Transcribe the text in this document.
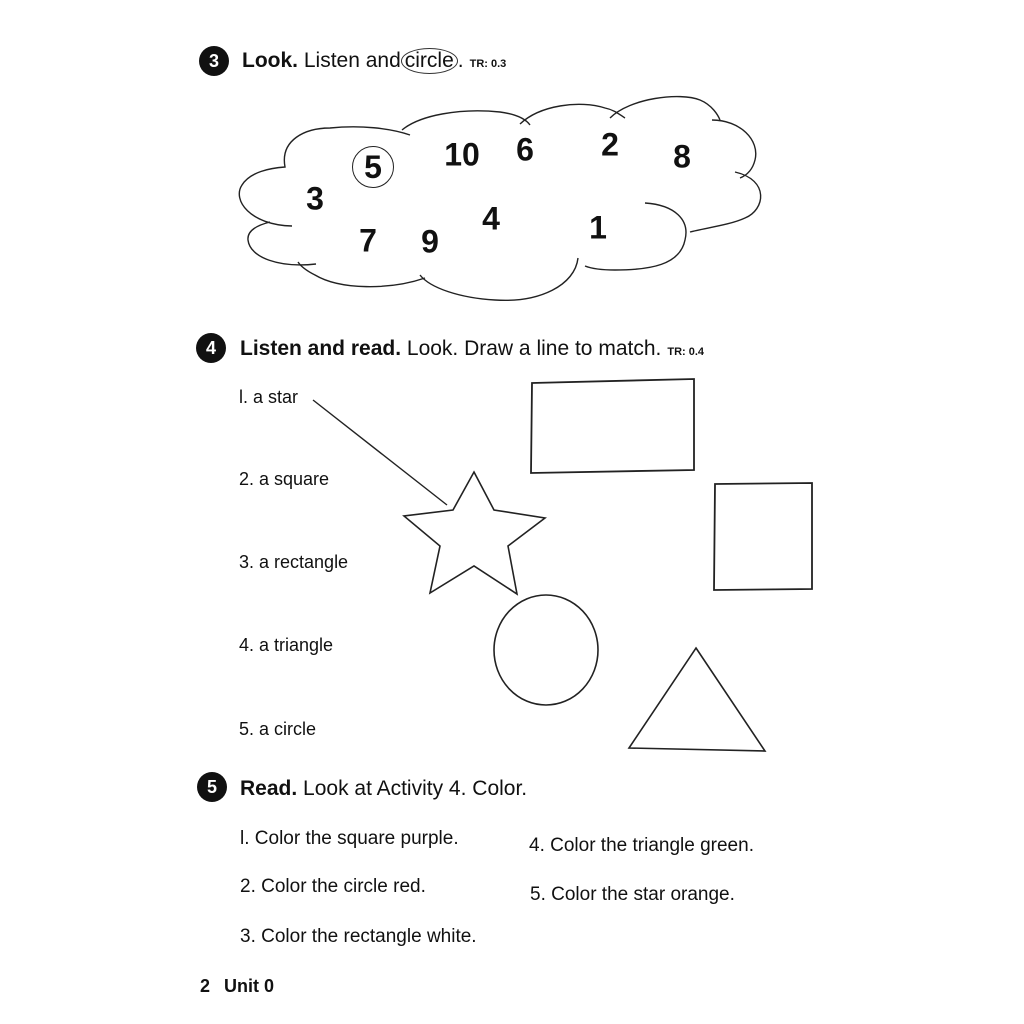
3	Look. Listen and circle . TR: 0.3
5	10 6 2 8
3
4	1
7 9
4	Listen and read. Look. Draw a line to match. TR: 0.4
l. a star
2. a square
3. a rectangle
4. a triangle
5. a circle
5	Read. Look at Activity 4. Color.
l. Color the square purple.
2. Color the circle red.
3. Color the rectangle white.
4. Color the triangle green.
5. Color the star orange.
2 Unit 0
